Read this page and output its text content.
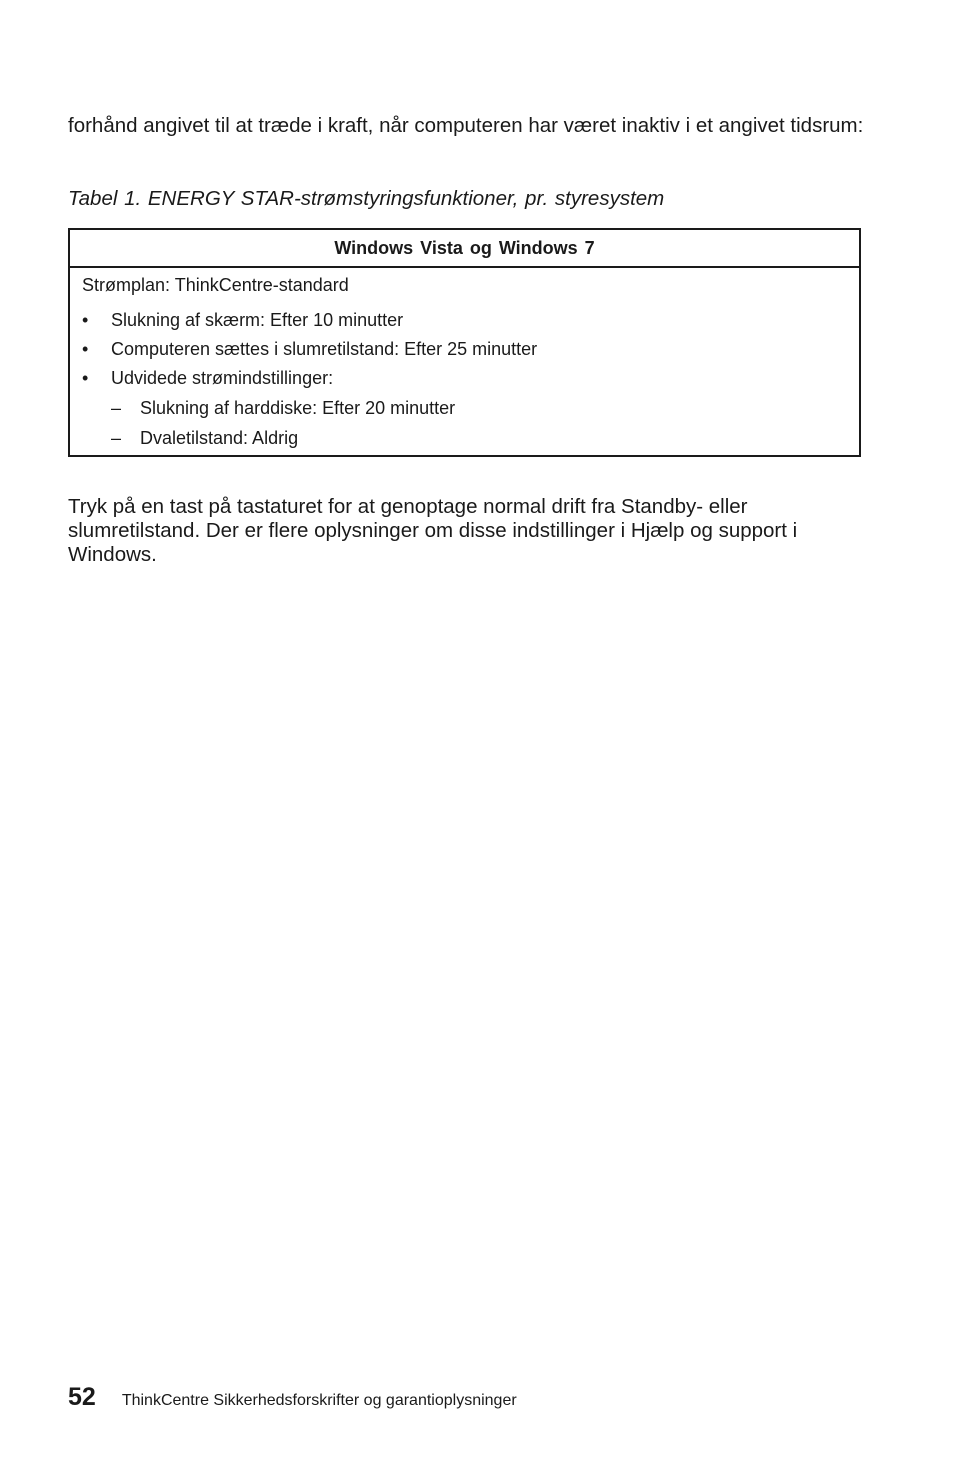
forhånd angivet til at træde i kraft, når computeren har været inaktiv i et angivet tidsrum:

Tabel 1. ENERGY STAR-strømstyringsfunktioner, pr. styresystem

Windows Vista og Windows 7

Strømplan: ThinkCentre-standard

• Slukning af skærm: Efter 10 minutter
• Computeren sættes i slumretilstand: Efter 25 minutter
• Udvidede strømindstillinger:
– Slukning af harddiske: Efter 20 minutter
– Dvaletilstand: Aldrig

Tryk på en tast på tastaturet for at genoptage normal drift fra Standby- eller slumretilstand. Der er flere oplysninger om disse indstillinger i Hjælp og support i Windows.

52 ThinkCentre Sikkerhedsforskrifter og garantioplysninger
